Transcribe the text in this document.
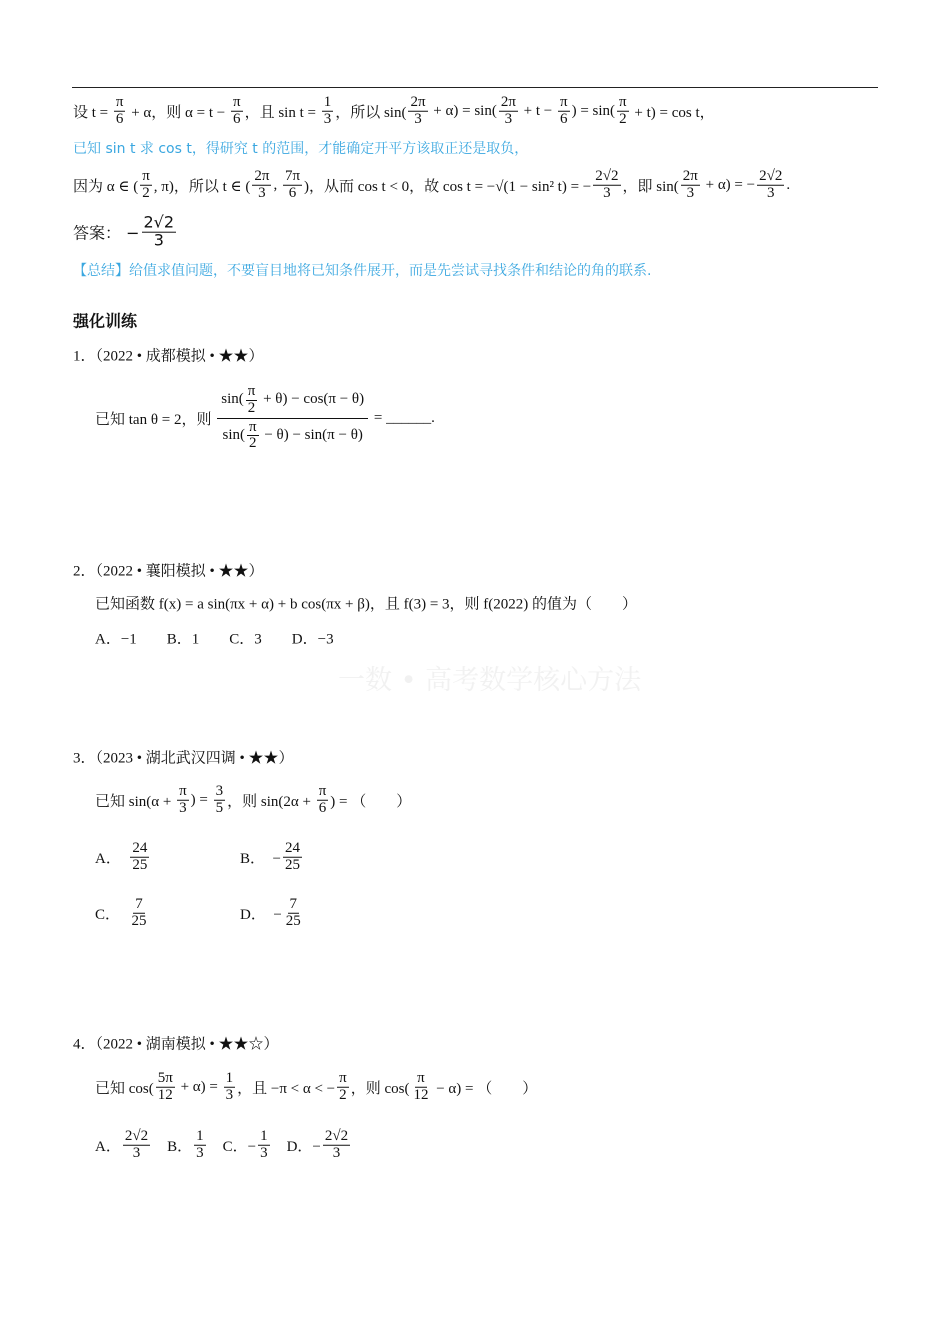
设 $t = \frac{\pi}{6} + \alpha$，则 $\alpha = t - \frac{\pi}{6}$ ，且 $\sin t = \frac{1}{3}$ ，所以 $\sin( \frac{2\pi}{3} + \alpha) = \sin( \frac{2\pi}{3} + t - \frac{\pi}{6}$ ) = $\sin( \frac{\pi}{2} + t) = \cos t$，
已知 sin t 求 cos t，得研究 t 的范围，才能确定开平方该取正还是取负，
因为 α ∈ ( $\frac{\pi}{2}$ , π)，所以 t ∈ ( $\frac{2\pi}{3}$ , $\frac{7\pi}{6}$ )，从而 cos t < 0，故 cos t = −√(1 − sin² t) = − $\frac{2√2}{3}$ ，即 $\sin( \frac{2\pi}{3} + \alpha)$ = − $\frac{2√2}{3}$ .
答案： − $\frac{2√2}{3}$
【总结】给值求值问题，不要盲目地将已知条件展开，而是先尝试寻找条件和结论的角的联系.
强化训练
1．（2022 • 成都模拟 • ★★）
已知 tan θ = 2，则 $\frac{\sin( \frac{\pi}{2} + \theta) - \cos(\pi - \theta)}{\sin( \frac{\pi}{2} - \theta) - \sin(\pi - \theta)}$ = ______.
2．（2022 • 襄阳模拟 • ★★）
已知函数 f(x) = a sin(πx + α) + b cos(πx + β)，且 f(3) = 3，则 f(2022) 的值为（　　）
A．−1　　B．1　　C．3　　D．−3
一数 • 高考数学核心方法
3．（2023 • 湖北武汉四调 • ★★）
已知 $\sin(\alpha + \frac{\pi}{3}$ ) = $\frac{3}{5}$ ，则 $\sin(2\alpha + \frac{\pi}{6}$ ) = （　　）
A． $\frac{24}{25}$	B．  − $\frac{24}{25}$
C． $\frac{7}{25}$	D．  − $\frac{7}{25}$
4．（2022 • 湖南模拟 • ★★☆）
已知 $\cos( \frac{5\pi}{12} + \alpha) = \frac{1}{3}$ ，且 −π < α < − $\frac{\pi}{2}$ ，则 $\cos( \frac{\pi}{12} - \alpha)$ = （　　）
A． $\frac{2√2}{3}$ 　B． $\frac{1}{3}$ 　C．− $\frac{1}{3}$ 　D．− $\frac{2√2}{3}$
